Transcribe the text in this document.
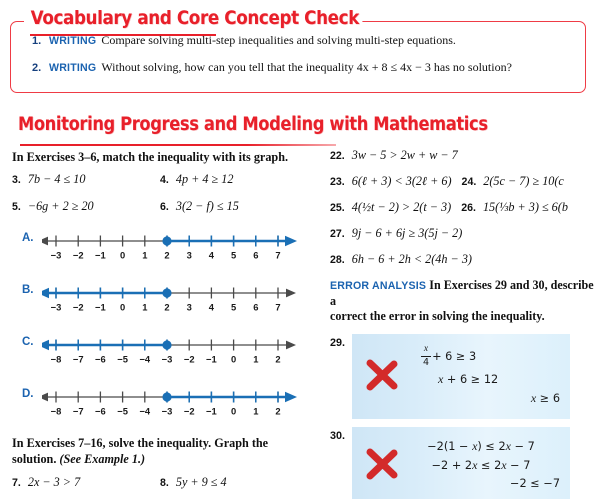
Vocabulary and Core Concept Check
1. WRITING Compare solving multi-step inequalities and solving multi-step equations.
2. WRITING Without solving, how can you tell that the inequality 4x + 8 ≤ 4x − 3 has no solution?
Monitoring Progress and Modeling with Mathematics
In Exercises 3–6, match the inequality with its graph.
3. 7b − 4 ≤ 10	4. 4p + 4 ≥ 12
5. −6g + 2 ≥ 20	6. 3(2 − f) ≤ 15
A.
−3 −2 −1 0 1 2 3 4 5 6 7
B.
−3 −2 −1 0 1 2 3 4 5 6 7
C.
−8 −7 −6 −5 −4 −3 −2 −1 0 1 2
D.
−8 −7 −6 −5 −4 −3 −2 −1 0 1 2
In Exercises 7–16, solve the inequality. Graph the
solution. (See Example 1.)
7. 2x − 3 > 7	8. 5y + 9 ≤ 4
22. 3w − 5 > 2w + w − 7
23. 6(ℓ + 3) < 3(2ℓ + 6) 24. 2(5c − 7) ≥ 10(c
25. 4(½t − 2) > 2(t − 3) 26. 15(⅓b + 3) ≤ 6(b
27. 9j − 6 + 6j ≥ 3(5j − 2)
28. 6h − 6 + 2h < 2(4h − 3)
ERROR ANALYSIS In Exercises 29 and 30, describe a
correct the error in solving the inequality.
29.
$\frac{x}{4} + 6 \ge 3$
x + 6 ≥ 12
x ≥ 6
30.
−2(1 − x) ≤ 2x − 7
−2 + 2x ≤ 2x − 7
−2 ≤ −7
